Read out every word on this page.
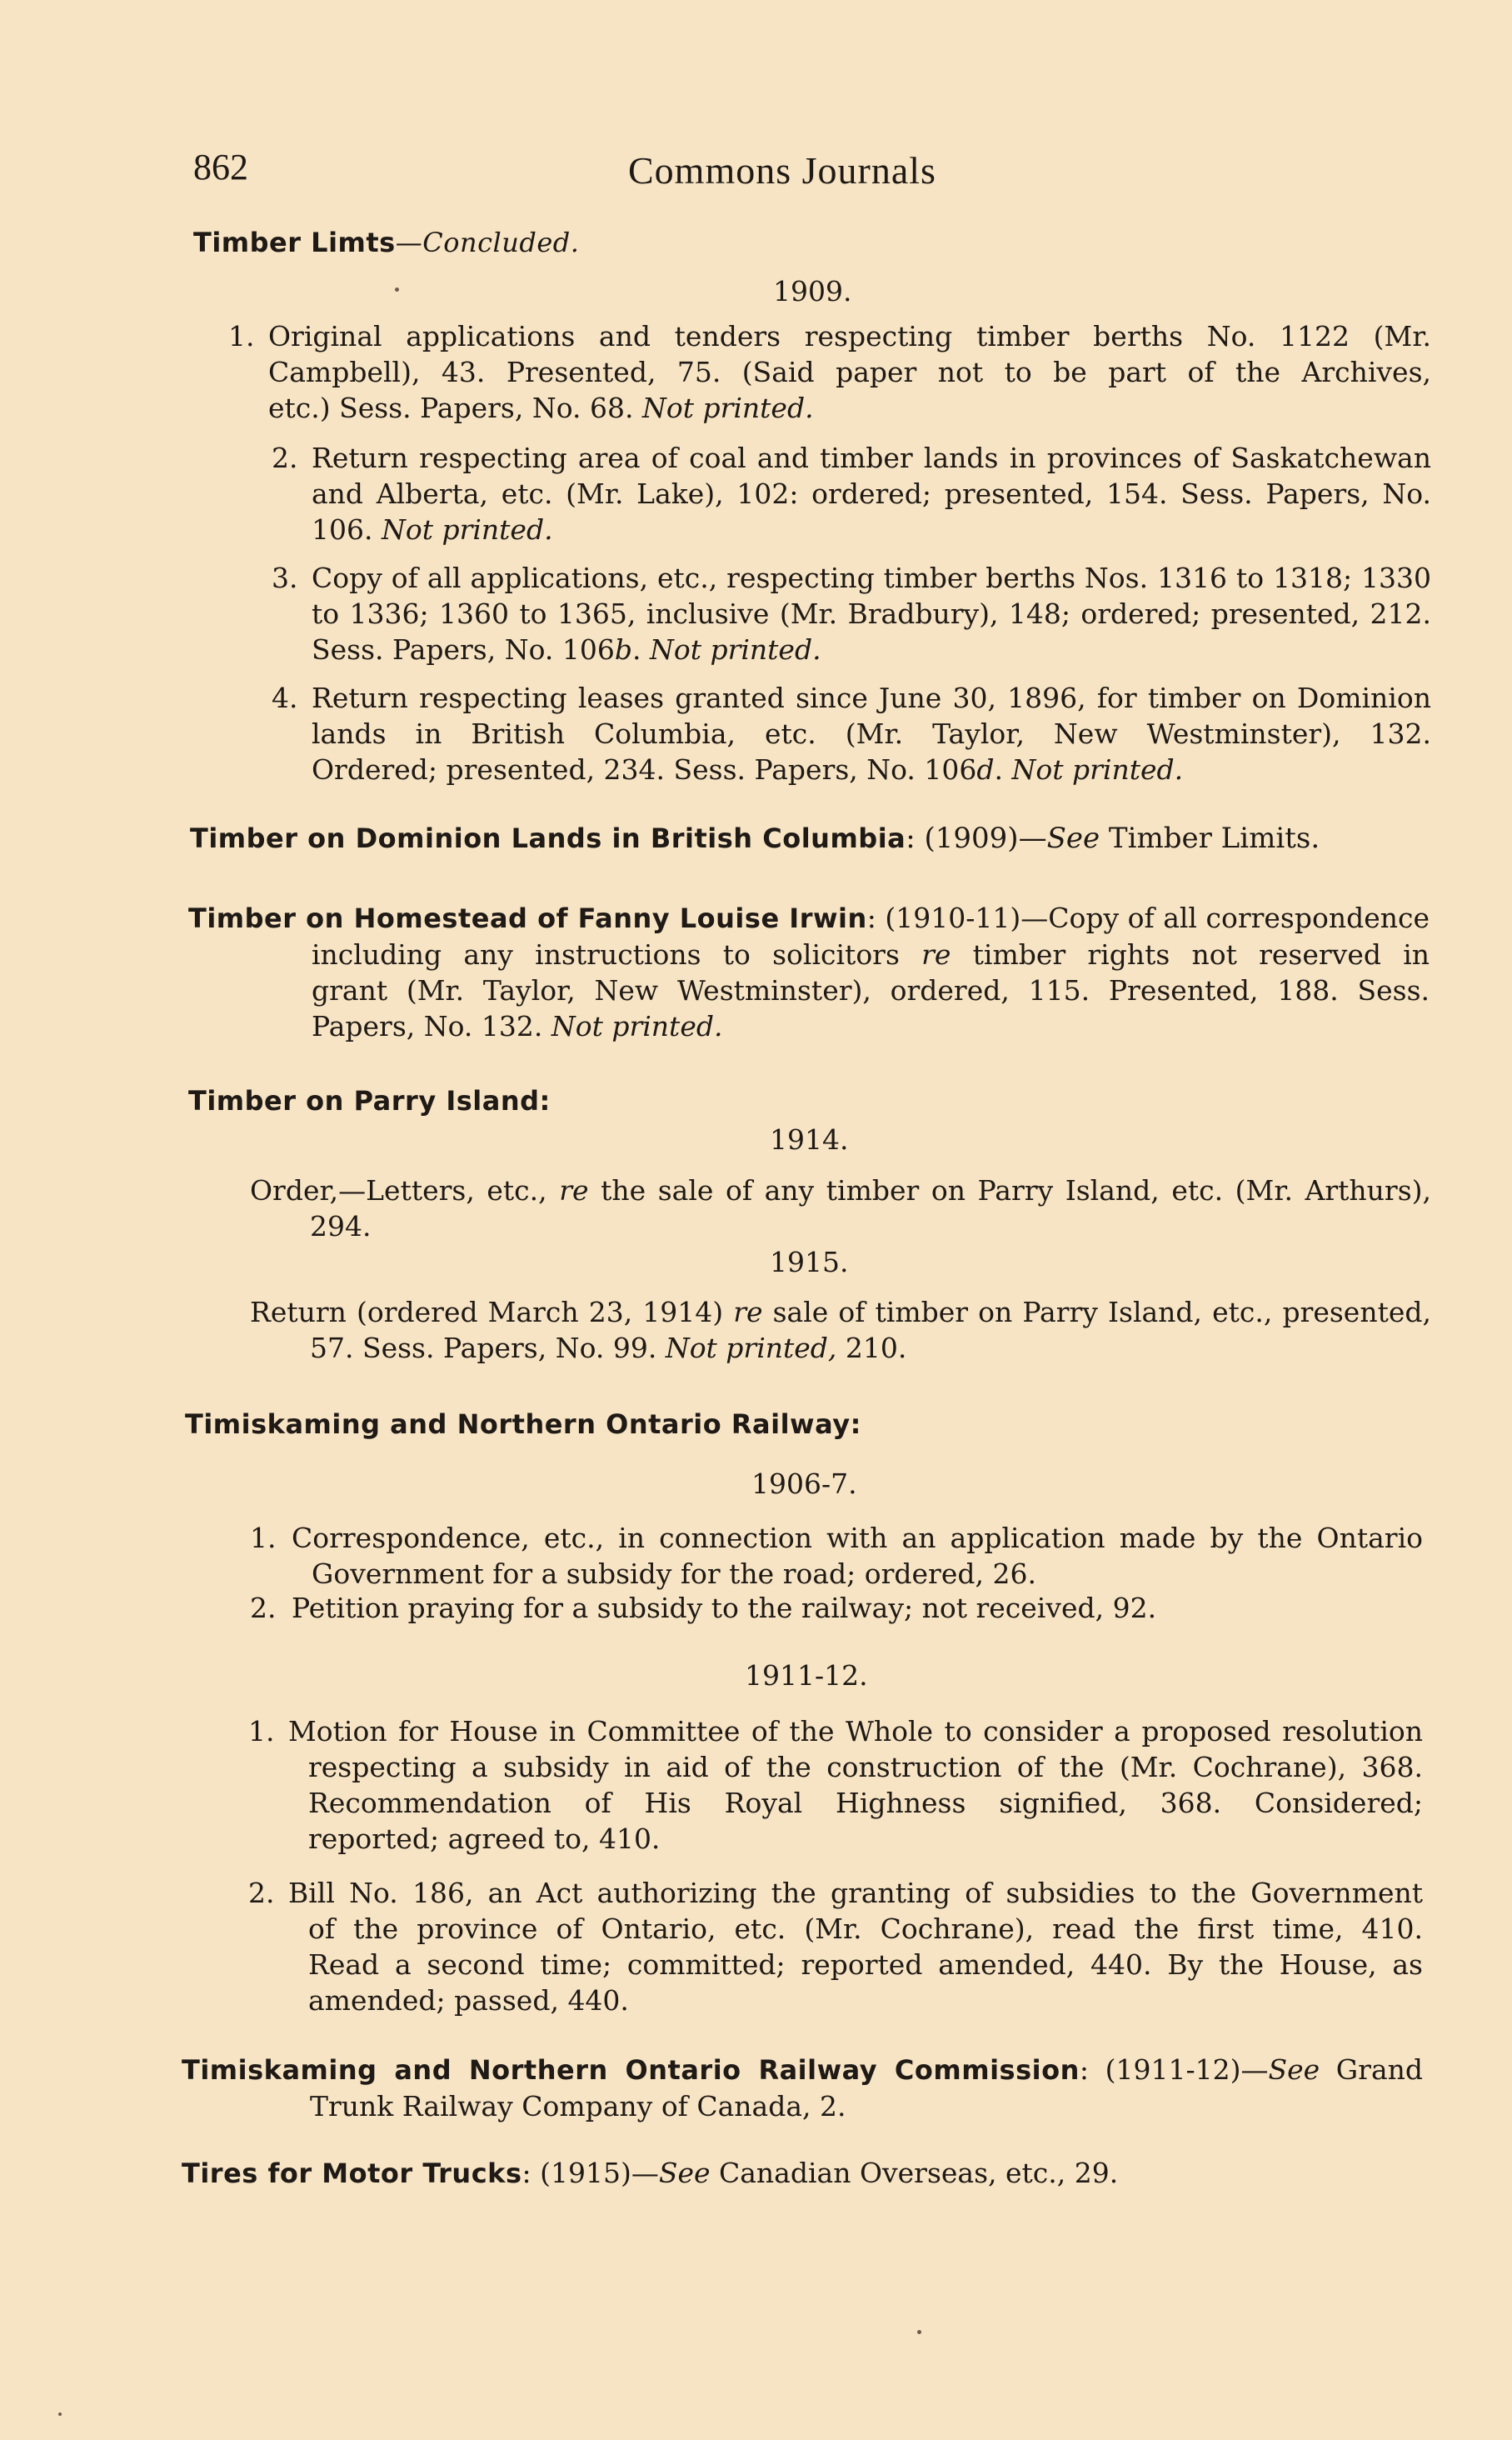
862	Commons Journals
Timber Limts—Concluded.
1909.
1. Original applications and tenders respecting timber berths No. 1122 (Mr.
Campbell), 43. Presented, 75. (Said paper not to be part of the Archives,
etc.) Sess. Papers, No. 68. Not printed.
2. Return respecting area of coal and timber lands in provinces of Saskatchewan
and Alberta, etc. (Mr. Lake), 102: ordered; presented, 154. Sess. Papers, No.
106. Not printed.
3. Copy of all applications, etc., respecting timber berths Nos. 1316 to 1318; 1330
to 1336; 1360 to 1365, inclusive (Mr. Bradbury), 148; ordered; presented, 212.
Sess. Papers, No. 106b. Not printed.
4. Return respecting leases granted since June 30, 1896, for timber on Dominion
lands in British Columbia, etc. (Mr. Taylor, New Westminster), 132.
Ordered; presented, 234. Sess. Papers, No. 106d. Not printed.
Timber on Dominion Lands in British Columbia: (1909)—See Timber Limits.
Timber on Homestead of Fanny Louise Irwin: (1910-11)—Copy of all correspondence
including any instructions to solicitors re timber rights not reserved in
grant (Mr. Taylor, New Westminster), ordered, 115. Presented, 188. Sess.
Papers, No. 132. Not printed.
Timber on Parry Island:
1914.
Order,—Letters, etc., re the sale of any timber on Parry Island, etc. (Mr. Arthurs),
294.
1915.
Return (ordered March 23, 1914) re sale of timber on Parry Island, etc., presented,
57. Sess. Papers, No. 99. Not printed, 210.
Timiskaming and Northern Ontario Railway:
1906-7.
1. Correspondence, etc., in connection with an application made by the Ontario
Government for a subsidy for the road; ordered, 26.
2. Petition praying for a subsidy to the railway; not received, 92.
1911-12.
1. Motion for House in Committee of the Whole to consider a proposed resolution
respecting a subsidy in aid of the construction of the (Mr. Cochrane), 368.
Recommendation of His Royal Highness signified, 368. Considered;
reported; agreed to, 410.
2. Bill No. 186, an Act authorizing the granting of subsidies to the Government
of the province of Ontario, etc. (Mr. Cochrane), read the first time, 410.
Read a second time; committed; reported amended, 440. By the House, as
amended; passed, 440.
Timiskaming and Northern Ontario Railway Commission: (1911-12)—See Grand
Trunk Railway Company of Canada, 2.
Tires for Motor Trucks: (1915)—See Canadian Overseas, etc., 29.
